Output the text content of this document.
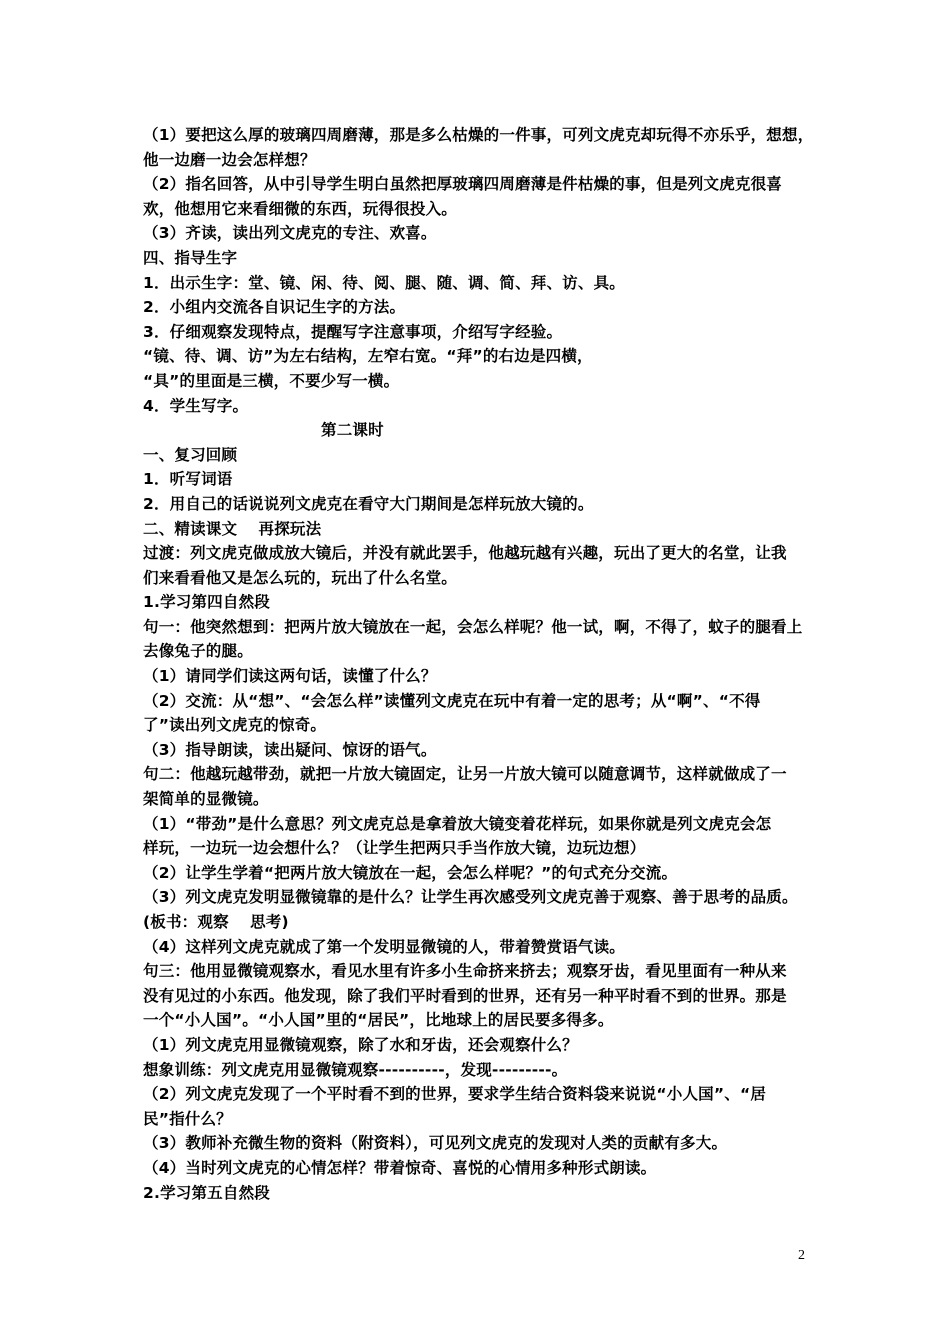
（1）要把这么厚的玻璃四周磨薄，那是多么枯燥的一件事，可列文虎克却玩得不亦乐乎，想想，
他一边磨一边会怎样想？
（2）指名回答，从中引导学生明白虽然把厚玻璃四周磨薄是件枯燥的事，但是列文虎克很喜
欢，他想用它来看细微的东西，玩得很投入。
（3）齐读，读出列文虎克的专注、欢喜。
四、指导生字
1．出示生字：堂、镜、闲、待、阅、腿、随、调、简、拜、访、具。
2．小组内交流各自识记生字的方法。
3．仔细观察发现特点，提醒写字注意事项，介绍写字经验。
“镜、待、调、访”为左右结构，左窄右宽。“拜”的右边是四横，
“具”的里面是三横，不要少写一横。
4．学生写字。
第二课时
一、复习回顾
1．听写词语
2．用自己的话说说列文虎克在看守大门期间是怎样玩放大镜的。
二、精读课文　 再探玩法
过渡：列文虎克做成放大镜后，并没有就此罢手，他越玩越有兴趣，玩出了更大的名堂，让我
们来看看他又是怎么玩的，玩出了什么名堂。
1.学习第四自然段
句一：他突然想到：把两片放大镜放在一起，会怎么样呢？他一试，啊，不得了，蚊子的腿看上
去像兔子的腿。
（1）请同学们读这两句话，读懂了什么？
（2）交流：从“想”、“会怎么样”读懂列文虎克在玩中有着一定的思考；从“啊”、“不得
了”读出列文虎克的惊奇。
（3）指导朗读，读出疑问、惊讶的语气。
句二：他越玩越带劲，就把一片放大镜固定，让另一片放大镜可以随意调节，这样就做成了一
架简单的显微镜。
（1）“带劲”是什么意思？列文虎克总是拿着放大镜变着花样玩，如果你就是列文虎克会怎
样玩，一边玩一边会想什么？（让学生把两只手当作放大镜，边玩边想）
（2）让学生学着“把两片放大镜放在一起，会怎么样呢？”的句式充分交流。
（3）列文虎克发明显微镜靠的是什么？让学生再次感受列文虎克善于观察、善于思考的品质。
(板书：观察　 思考)
（4）这样列文虎克就成了第一个发明显微镜的人，带着赞赏语气读。
句三：他用显微镜观察水，看见水里有许多小生命挤来挤去；观察牙齿，看见里面有一种从来
没有见过的小东西。他发现，除了我们平时看到的世界，还有另一种平时看不到的世界。那是
一个“小人国”。“小人国”里的“居民”，比地球上的居民要多得多。
（1）列文虎克用显微镜观察，除了水和牙齿，还会观察什么？
想象训练：列文虎克用显微镜观察----------，发现---------。
（2）列文虎克发现了一个平时看不到的世界，要求学生结合资料袋来说说“小人国”、“居
民”指什么？
（3）教师补充微生物的资料（附资料），可见列文虎克的发现对人类的贡献有多大。
（4）当时列文虎克的心情怎样？带着惊奇、喜悦的心情用多种形式朗读。
2.学习第五自然段
2
